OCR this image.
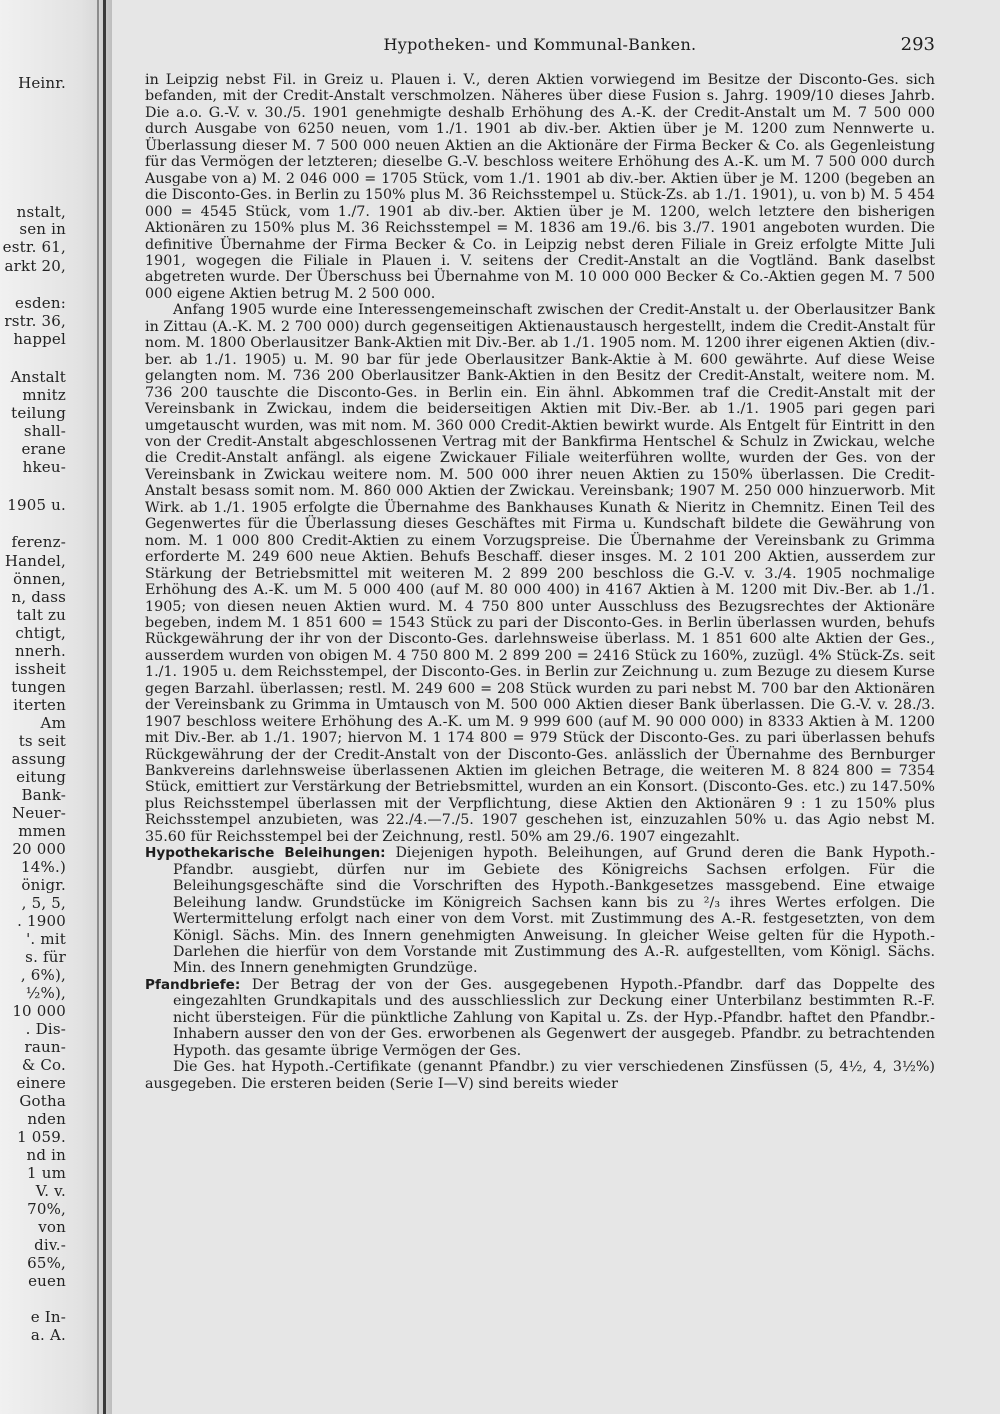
Heinr.
nstalt,
sen in
estr. 61,
arkt 20,
esden:
rstr. 36,
happel
Anstalt
mnitz
teilung
shall-
erane
hkeu-
1905 u.
ferenz-
Handel,
önnen,
n, dass
talt zu
chtigt,
nnerh.
issheit
tungen
iterten
Am
ts seit
assung
eitung
Bank-
Neuer-
mmen
20 000
14%.)
önigr.
, 5, 5,
. 1900
'. mit
s. für
, 6%),
½%),
10 000
. Dis-
raun-
& Co.
einere
Gotha
nden
1 059.
nd in
1 um
V. v.
70%,
von
div.-
65%,
euen
e In-
a. A.
Hypotheken- und Kommunal-Banken.	293

in Leipzig nebst Fil. in Greiz u. Plauen i. V., deren Aktien vorwiegend im Besitze der Disconto-Ges. sich befanden, mit der Credit-Anstalt verschmolzen. Näheres über diese Fusion s. Jahrg. 1909/10 dieses Jahrb. Die a.o. G.-V. v. 30./5. 1901 genehmigte deshalb Erhöhung des A.-K. der Credit-Anstalt um M. 7 500 000 durch Ausgabe von 6250 neuen, vom 1./1. 1901 ab div.-ber. Aktien über je M. 1200 zum Nennwerte u. Überlassung dieser M. 7 500 000 neuen Aktien an die Aktionäre der Firma Becker & Co. als Gegenleistung für das Vermögen der letzteren; dieselbe G.-V. beschloss weitere Erhöhung des A.-K. um M. 7 500 000 durch Ausgabe von a) M. 2 046 000 = 1705 Stück, vom 1./1. 1901 ab div.-ber. Aktien über je M. 1200 (begeben an die Disconto-Ges. in Berlin zu 150% plus M. 36 Reichsstempel u. Stück-Zs. ab 1./1. 1901), u. von b) M. 5 454 000 = 4545 Stück, vom 1./7. 1901 ab div.-ber. Aktien über je M. 1200, welch letztere den bisherigen Aktionären zu 150% plus M. 36 Reichsstempel = M. 1836 am 19./6. bis 3./7. 1901 angeboten wurden. Die definitive Übernahme der Firma Becker & Co. in Leipzig nebst deren Filiale in Greiz erfolgte Mitte Juli 1901, wogegen die Filiale in Plauen i. V. seitens der Credit-Anstalt an die Vogtländ. Bank daselbst abgetreten wurde. Der Überschuss bei Übernahme von M. 10 000 000 Becker & Co.-Aktien gegen M. 7 500 000 eigene Aktien betrug M. 2 500 000.

Anfang 1905 wurde eine Interessengemeinschaft zwischen der Credit-Anstalt u. der Oberlausitzer Bank in Zittau (A.-K. M. 2 700 000) durch gegenseitigen Aktienaustausch hergestellt, indem die Credit-Anstalt für nom. M. 1800 Oberlausitzer Bank-Aktien mit Div.-Ber. ab 1./1. 1905 nom. M. 1200 ihrer eigenen Aktien (div.-ber. ab 1./1. 1905) u. M. 90 bar für jede Oberlausitzer Bank-Aktie à M. 600 gewährte. Auf diese Weise gelangten nom. M. 736 200 Oberlausitzer Bank-Aktien in den Besitz der Credit-Anstalt, weitere nom. M. 736 200 tauschte die Disconto-Ges. in Berlin ein. Ein ähnl. Abkommen traf die Credit-Anstalt mit der Vereinsbank in Zwickau, indem die beiderseitigen Aktien mit Div.-Ber. ab 1./1. 1905 pari gegen pari umgetauscht wurden, was mit nom. M. 360 000 Credit-Aktien bewirkt wurde. Als Entgelt für Eintritt in den von der Credit-Anstalt abgeschlossenen Vertrag mit der Bankfirma Hentschel & Schulz in Zwickau, welche die Credit-Anstalt anfängl. als eigene Zwickauer Filiale weiterführen wollte, wurden der Ges. von der Vereinsbank in Zwickau weitere nom. M. 500 000 ihrer neuen Aktien zu 150% überlassen. Die Credit-Anstalt besass somit nom. M. 860 000 Aktien der Zwickau. Vereinsbank; 1907 M. 250 000 hinzuerworb. Mit Wirk. ab 1./1. 1905 erfolgte die Übernahme des Bankhauses Kunath & Nieritz in Chemnitz. Einen Teil des Gegenwertes für die Überlassung dieses Geschäftes mit Firma u. Kundschaft bildete die Gewährung von nom. M. 1 000 800 Credit-Aktien zu einem Vorzugspreise. Die Übernahme der Vereinsbank zu Grimma erforderte M. 249 600 neue Aktien. Behufs Beschaff. dieser insges. M. 2 101 200 Aktien, ausserdem zur Stärkung der Betriebsmittel mit weiteren M. 2 899 200 beschloss die G.-V. v. 3./4. 1905 nochmalige Erhöhung des A.-K. um M. 5 000 400 (auf M. 80 000 400) in 4167 Aktien à M. 1200 mit Div.-Ber. ab 1./1. 1905; von diesen neuen Aktien wurd. M. 4 750 800 unter Ausschluss des Bezugsrechtes der Aktionäre begeben, indem M. 1 851 600 = 1543 Stück zu pari der Disconto-Ges. in Berlin überlassen wurden, behufs Rückgewährung der ihr von der Disconto-Ges. darlehnsweise überlass. M. 1 851 600 alte Aktien der Ges., ausserdem wurden von obigen M. 4 750 800 M. 2 899 200 = 2416 Stück zu 160%, zuzügl. 4% Stück-Zs. seit 1./1. 1905 u. dem Reichsstempel, der Disconto-Ges. in Berlin zur Zeichnung u. zum Bezuge zu diesem Kurse gegen Barzahl. überlassen; restl. M. 249 600 = 208 Stück wurden zu pari nebst M. 700 bar den Aktionären der Vereinsbank zu Grimma in Umtausch von M. 500 000 Aktien dieser Bank überlassen. Die G.-V. v. 28./3. 1907 beschloss weitere Erhöhung des A.-K. um M. 9 999 600 (auf M. 90 000 000) in 8333 Aktien à M. 1200 mit Div.-Ber. ab 1./1. 1907; hiervon M. 1 174 800 = 979 Stück der Disconto-Ges. zu pari überlassen behufs Rückgewährung der der Credit-Anstalt von der Disconto-Ges. anlässlich der Übernahme des Bernburger Bankvereins darlehnsweise überlassenen Aktien im gleichen Betrage, die weiteren M. 8 824 800 = 7354 Stück, emittiert zur Verstärkung der Betriebsmittel, wurden an ein Konsort. (Disconto-Ges. etc.) zu 147.50% plus Reichsstempel überlassen mit der Verpflichtung, diese Aktien den Aktionären 9 : 1 zu 150% plus Reichsstempel anzubieten, was 22./4.—7./5. 1907 geschehen ist, einzuzahlen 50% u. das Agio nebst M. 35.60 für Reichsstempel bei der Zeichnung, restl. 50% am 29./6. 1907 eingezahlt.

Hypothekarische Beleihungen: Diejenigen hypoth. Beleihungen, auf Grund deren die Bank Hypoth.-Pfandbr. ausgiebt, dürfen nur im Gebiete des Königreichs Sachsen erfolgen. Für die Beleihungsgeschäfte sind die Vorschriften des Hypoth.-Bankgesetzes massgebend. Eine etwaige Beleihung landw. Grundstücke im Königreich Sachsen kann bis zu ²/₃ ihres Wertes erfolgen. Die Wertermittelung erfolgt nach einer von dem Vorst. mit Zustimmung des A.-R. festgesetzten, von dem Königl. Sächs. Min. des Innern genehmigten Anweisung. In gleicher Weise gelten für die Hypoth.-Darlehen die hierfür von dem Vorstande mit Zustimmung des A.-R. aufgestellten, vom Königl. Sächs. Min. des Innern genehmigten Grundzüge.

Pfandbriefe: Der Betrag der von der Ges. ausgegebenen Hypoth.-Pfandbr. darf das Doppelte des eingezahlten Grundkapitals und des ausschliesslich zur Deckung einer Unterbilanz bestimmten R.-F. nicht übersteigen. Für die pünktliche Zahlung von Kapital u. Zs. der Hyp.-Pfandbr. haftet den Pfandbr.-Inhabern ausser den von der Ges. erworbenen als Gegenwert der ausgegeb. Pfandbr. zu betrachtenden Hypoth. das gesamte übrige Vermögen der Ges.

Die Ges. hat Hypoth.-Certifikate (genannt Pfandbr.) zu vier verschiedenen Zinsfüssen (5, 4½, 4, 3½%) ausgegeben. Die ersteren beiden (Serie I—V) sind bereits wieder
